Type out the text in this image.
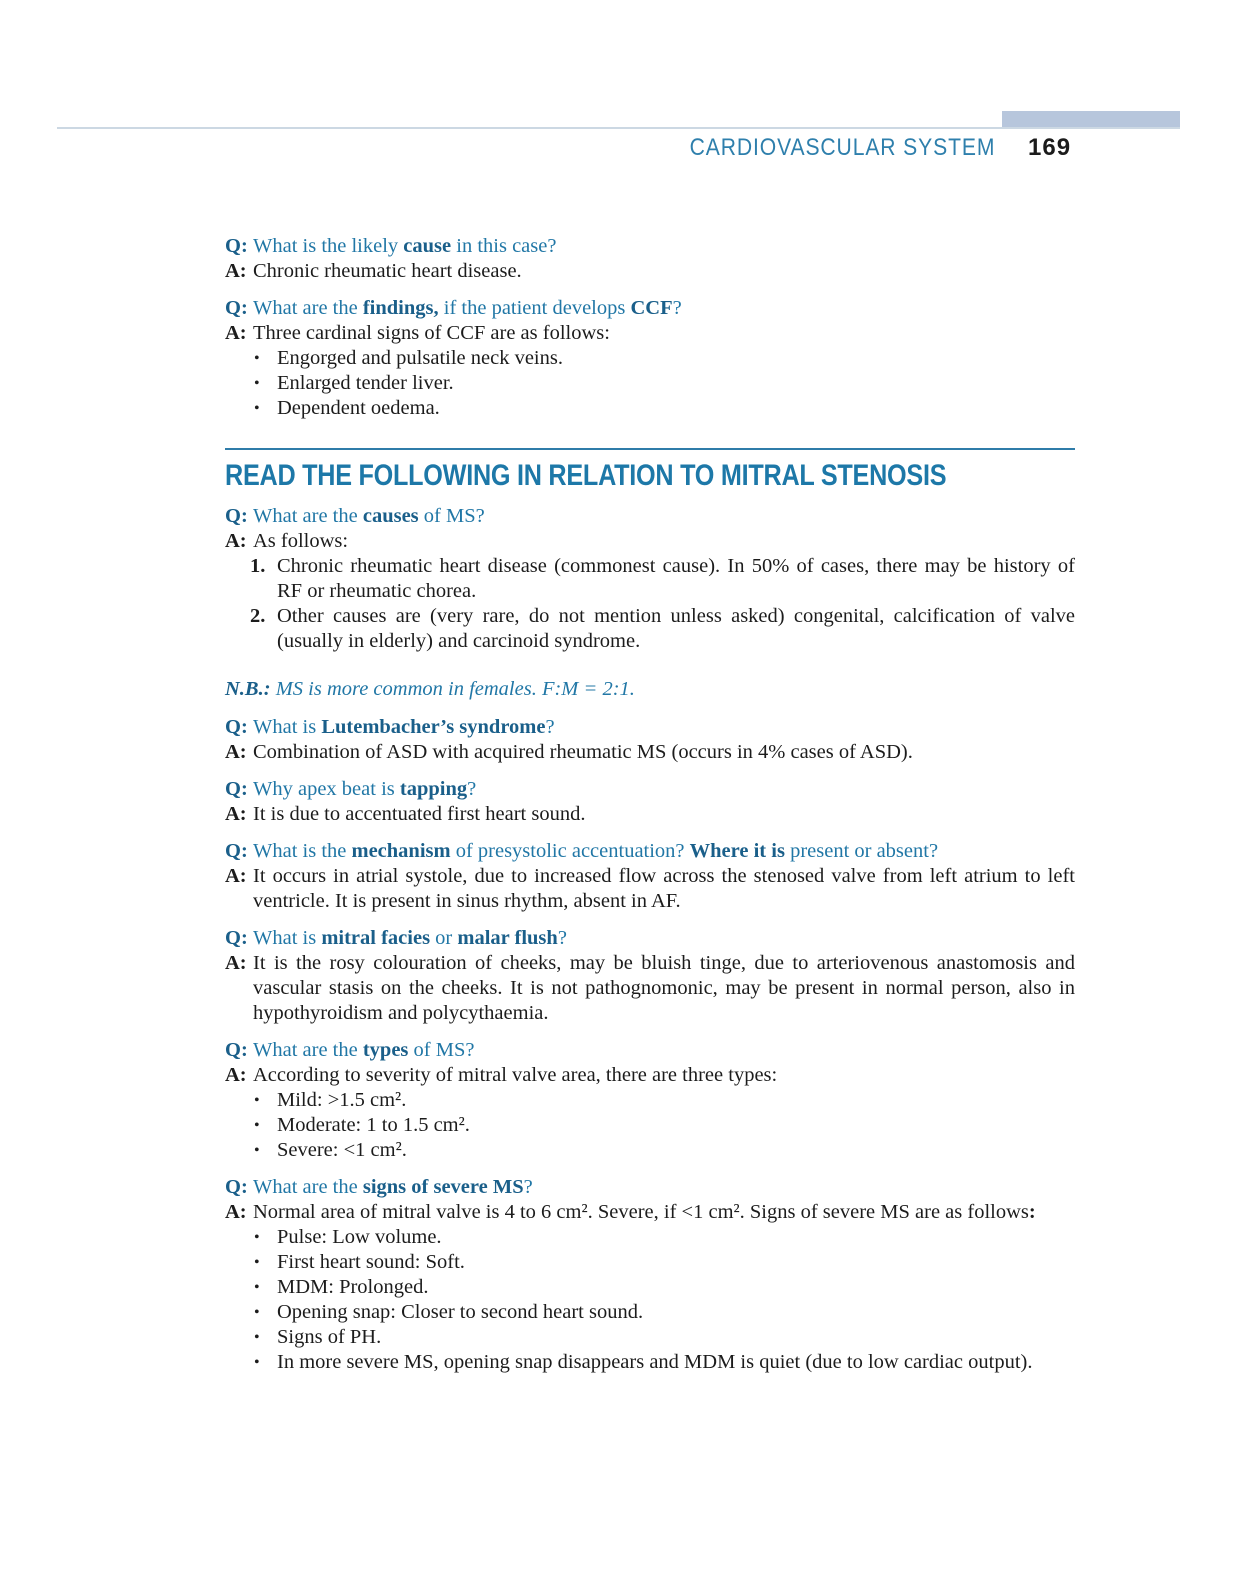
CARDIOVASCULAR SYSTEM 169

Q: What is the likely cause in this case?

A: Chronic rheumatic heart disease.

Q: What are the findings, if the patient develops CCF?

A: Three cardinal signs of CCF are as follows:

• Engorged and pulsatile neck veins.
• Enlarged tender liver.
• Dependent oedema.
READ THE FOLLOWING IN RELATION TO MITRAL STENOSIS

Q: What are the causes of MS?

A: As follows:

Chronic rheumatic heart disease (commonest cause). In 50% of cases, there may be history of RF or rheumatic chorea.
Other causes are (very rare, do not mention unless asked) congenital, calcification of valve (usually in elderly) and carcinoid syndrome.

N.B.: MS is more common in females. F:M = 2:1.

Q: What is Lutembacher’s syndrome?

A: Combination of ASD with acquired rheumatic MS (occurs in 4% cases of ASD).

Q: Why apex beat is tapping?

A: It is due to accentuated first heart sound.

Q: What is the mechanism of presystolic accentuation? Where it is present or absent?

A: It occurs in atrial systole, due to increased flow across the stenosed valve from left atrium to left ventricle. It is present in sinus rhythm, absent in AF.

Q: What is mitral facies or malar flush?

A: It is the rosy colouration of cheeks, may be bluish tinge, due to arteriovenous anastomosis and vascular stasis on the cheeks. It is not pathognomonic, may be present in normal person, also in hypothyroidism and polycythaemia.

Q: What are the types of MS?

A: According to severity of mitral valve area, there are three types:

• Mild: >1.5 cm².
• Moderate: 1 to 1.5 cm².
• Severe: <1 cm².

Q: What are the signs of severe MS?

A: Normal area of mitral valve is 4 to 6 cm². Severe, if <1 cm². Signs of severe MS are as follows:

• Pulse: Low volume.
• First heart sound: Soft.
• MDM: Prolonged.
• Opening snap: Closer to second heart sound.
• Signs of PH.
• In more severe MS, opening snap disappears and MDM is quiet (due to low cardiac output).
